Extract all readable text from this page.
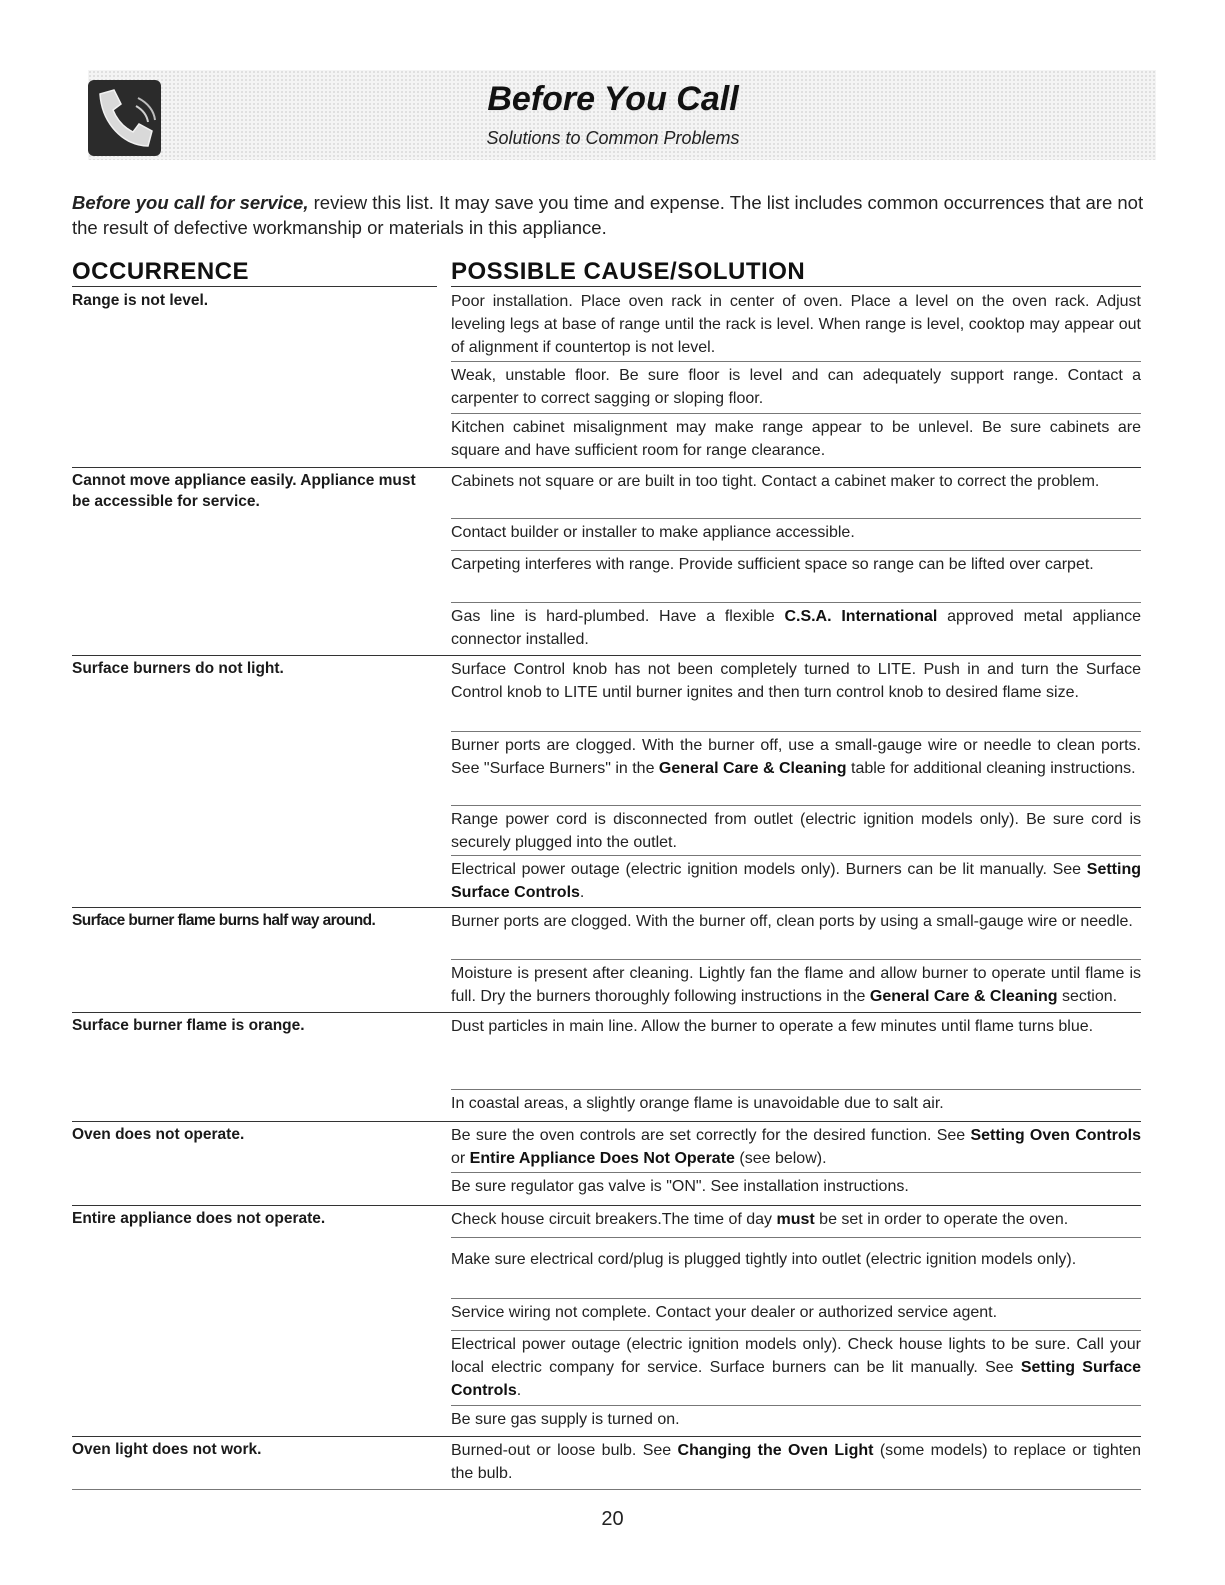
Before You Call
Solutions to Common Problems
Before you call for service, review this list. It may save you time and expense. The list includes common occurrences that are not the result of defective workmanship or materials in this appliance.
OCCURRENCE	POSSIBLE CAUSE/SOLUTION
Range is not level.
Cannot move appliance easily. Appliance must be accessible for service.
Surface burners do not light.
Surface burner flame burns half way around.
Surface burner flame is orange.
Oven does not operate.
Entire appliance does not operate.
Oven light does not work.
Poor installation. Place oven rack in center of oven. Place a level on the oven rack. Adjust leveling legs at base of range until the rack is level. When range is level, cooktop may appear out of alignment if countertop is not level.
Weak, unstable floor. Be sure floor is level and can adequately support range. Contact a carpenter to correct sagging or sloping floor.
Kitchen cabinet misalignment may make range appear to be unlevel. Be sure cabinets are square and have sufficient room for range clearance.
Cabinets not square or are built in too tight. Contact a cabinet maker to correct the problem.
Contact builder or installer to make appliance accessible.
Carpeting interferes with range. Provide sufficient space so range can be lifted over carpet.
Gas line is hard-plumbed. Have a flexible C.S.A. International approved metal appliance connector installed.
Surface Control knob has not been completely turned to LITE. Push in and turn the Surface Control knob to LITE until burner ignites and then turn control knob to desired flame size.
Burner ports are clogged. With the burner off, use a small-gauge wire or needle to clean ports. See "Surface Burners" in the General Care & Cleaning table for additional cleaning instructions.
Range power cord is disconnected from outlet (electric ignition models only). Be sure cord is securely plugged into the outlet.
Electrical power outage (electric ignition models only). Burners can be lit manually. See Setting Surface Controls.
Burner ports are clogged. With the burner off, clean ports by using a small-gauge wire or needle.
Moisture is present after cleaning. Lightly fan the flame and allow burner to operate until flame is full. Dry the burners thoroughly following instructions in the General Care & Cleaning section.
Dust particles in main line. Allow the burner to operate a few minutes until flame turns blue.
In coastal areas, a slightly orange flame is unavoidable due to salt air.
Be sure the oven controls are set correctly for the desired function. See Setting Oven Controls or Entire Appliance Does Not Operate (see below).
Be sure regulator gas valve is "ON". See installation instructions.
Check house circuit breakers.The time of day must be set in order to operate the oven.
Make sure electrical cord/plug is plugged tightly into outlet (electric ignition models only).
Service wiring not complete. Contact your dealer or authorized service agent.
Electrical power outage (electric ignition models only). Check house lights to be sure. Call your local electric company for service. Surface burners can be lit manually. See Setting Surface Controls.
Be sure gas supply is turned on.
Burned-out or loose bulb. See Changing the Oven Light (some models) to replace or tighten the bulb.
20
